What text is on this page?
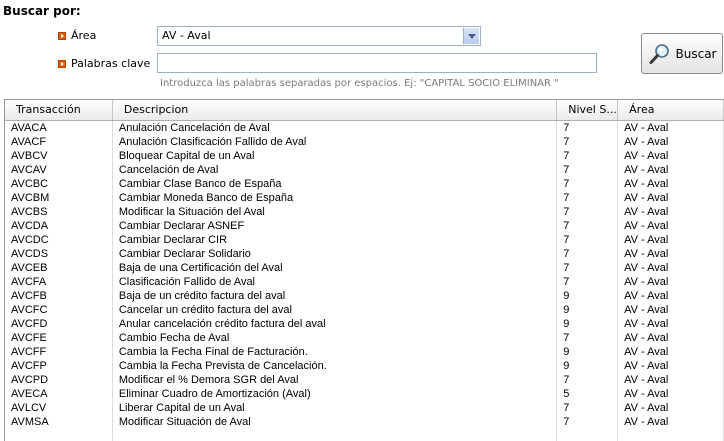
Buscar por:
Área	AV - Aval
Palabras clave
Introduzca las palabras separadas por espacios. Ej: "CAPITAL SOCIO ELIMINAR "
Buscar
Transacción	Descripcion	Nivel S...	Área
AVACA	Anulación Cancelación de Aval	7	AV - Aval
AVACF	Anulación Clasificación Fallido de Aval	7	AV - Aval
AVBCV	Bloquear Capital de un Aval	7	AV - Aval
AVCAV	Cancelación de Aval	7	AV - Aval
AVCBC	Cambiar Clase Banco de España	7	AV - Aval
AVCBM	Cambiar Moneda Banco de España	7	AV - Aval
AVCBS	Modificar la Situación del Aval	7	AV - Aval
AVCDA	Cambiar Declarar ASNEF	7	AV - Aval
AVCDC	Cambiar Declarar CIR	7	AV - Aval
AVCDS	Cambiar Declarar Solidario	7	AV - Aval
AVCEB	Baja de una Certificación del Aval	7	AV - Aval
AVCFA	Clasificación Fallido de Aval	7	AV - Aval
AVCFB	Baja de un crédito factura del aval	9	AV - Aval
AVCFC	Cancelar un crédito factura del aval	9	AV - Aval
AVCFD	Anular cancelación crédito factura del aval	9	AV - Aval
AVCFE	Cambio Fecha de Aval	7	AV - Aval
AVCFF	Cambia la Fecha Final de Facturación.	9	AV - Aval
AVCFP	Cambia la Fecha Prevista de Cancelación.	9	AV - Aval
AVCPD	Modificar el % Demora SGR del Aval	7	AV - Aval
AVECA	Eliminar Cuadro de Amortización (Aval)	5	AV - Aval
AVLCV	Liberar Capital de un Aval	7	AV - Aval
AVMSA	Modificar Situación de Aval	7	AV - Aval
